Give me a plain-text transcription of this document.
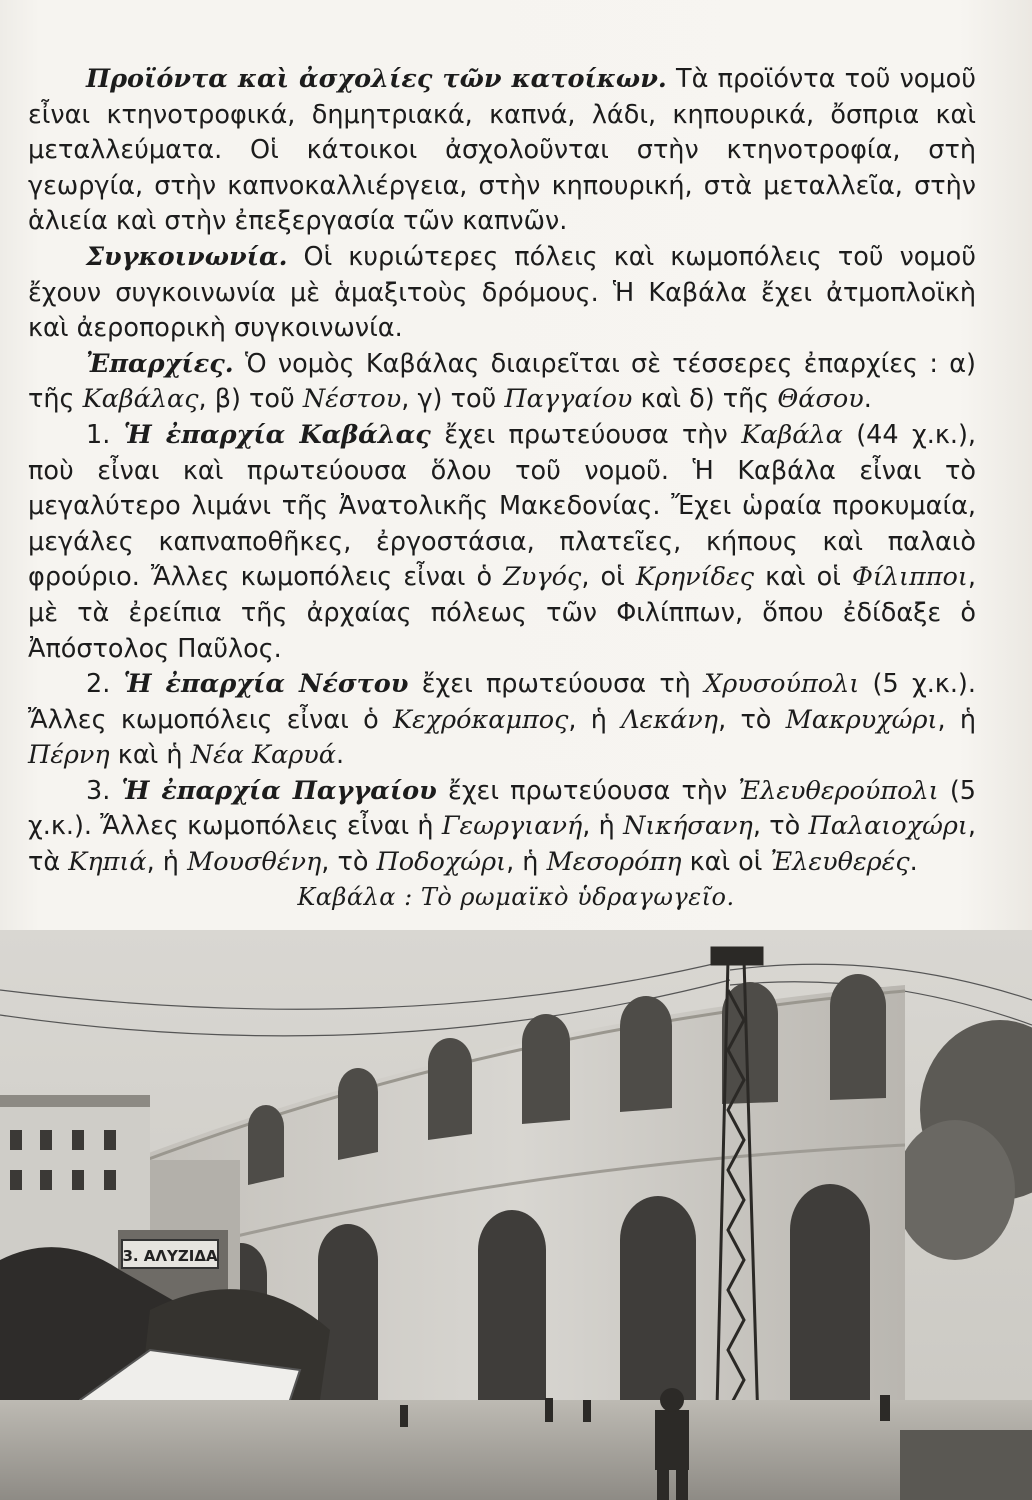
Προϊόντα καὶ ἀσχολίες τῶν κατοίκων. Τὰ προϊόντα τοῦ νομοῦ εἶναι κτηνοτροφικά, δημητριακά, καπνά, λάδι, κηπουρικά, ὄσπρια καὶ μεταλλεύματα. Οἱ κάτοικοι ἀσχολοῦνται στὴν κτηνοτροφία, στὴ γεωργία, στὴν καπνοκαλλιέργεια, στὴν κηπουρική, στὰ μεταλλεῖα, στὴν ἁλιεία καὶ στὴν ἐπεξεργασία τῶν καπνῶν.

Συγκοινωνία. Οἱ κυριώτερες πόλεις καὶ κωμοπόλεις τοῦ νομοῦ ἔχουν συγκοινωνία μὲ ἁμαξιτοὺς δρόμους. Ἡ Καβάλα ἔχει ἀτμοπλοϊκὴ καὶ ἀεροπορικὴ συγκοινωνία.

Ἐπαρχίες. Ὁ νομὸς Καβάλας διαιρεῖται σὲ τέσσερες ἐπαρχίες : α) τῆς Καβάλας, β) τοῦ Νέστου, γ) τοῦ Παγγαίου καὶ δ) τῆς Θάσου.

1. Ἡ ἐπαρχία Καβάλας ἔχει πρωτεύουσα τὴν Καβάλα (44 χ.κ.), ποὺ εἶναι καὶ πρωτεύουσα ὅλου τοῦ νομοῦ. Ἡ Καβάλα εἶναι τὸ μεγαλύτερο λιμάνι τῆς Ἀνατολικῆς Μακεδονίας. Ἔχει ὡραία προκυμαία, μεγάλες καπναποθῆκες, ἐργοστάσια, πλατεῖες, κήπους καὶ παλαιὸ φρούριο. Ἄλλες κωμοπόλεις εἶναι ὁ Ζυγός, οἱ Κρηνίδες καὶ οἱ Φίλιπποι, μὲ τὰ ἐρείπια τῆς ἀρχαίας πόλεως τῶν Φιλίππων, ὅπου ἐδίδαξε ὁ Ἀπόστολος Παῦλος.

2. Ἡ ἐπαρχία Νέστου ἔχει πρωτεύουσα τὴ Χρυσούπολι (5 χ.κ.). Ἄλλες κωμοπόλεις εἶναι ὁ Κεχρόκαμπος, ἡ Λεκάνη, τὸ Μακρυχώρι, ἡ Πέρνη καὶ ἡ Νέα Καρυά.

3. Ἡ ἐπαρχία Παγγαίου ἔχει πρωτεύουσα τὴν Ἐλευθερούπολι (5 χ.κ.). Ἄλλες κωμοπόλεις εἶναι ἡ Γεωργιανή, ἡ Νικήσανη, τὸ Παλαιοχώρι, τὰ Κηπιά, ἡ Μουσθένη, τὸ Ποδοχώρι, ἡ Μεσορόπη καὶ οἱ Ἐλευθερές.

Καβάλα : Τὸ ρωμαϊκὸ ὑδραγωγεῖο.
3. ΑΛΥΖΙΔΑ
